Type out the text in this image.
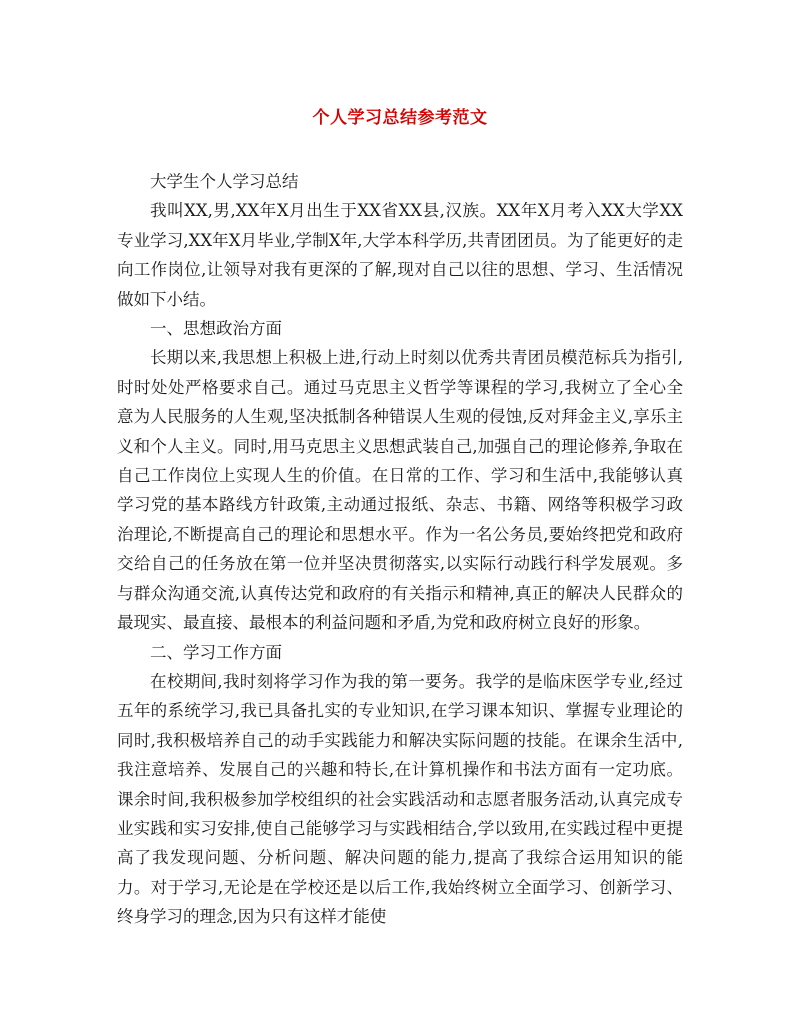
个人学习总结参考范文

大学生个人学习总结

我叫XX,男,XX年X月出生于XX省XX县,汉族。XX年X月考入XX大学XX专业学习,XX年X月毕业,学制X年,大学本科学历,共青团团员。为了能更好的走向工作岗位,让领导对我有更深的了解,现对自己以往的思想、学习、生活情况做如下小结。

一、思想政治方面

长期以来,我思想上积极上进,行动上时刻以优秀共青团员模范标兵为指引,时时处处严格要求自己。通过马克思主义哲学等课程的学习,我树立了全心全意为人民服务的人生观,坚决抵制各种错误人生观的侵蚀,反对拜金主义,享乐主义和个人主义。同时,用马克思主义思想武装自己,加强自己的理论修养,争取在自己工作岗位上实现人生的价值。在日常的工作、学习和生活中,我能够认真学习党的基本路线方针政策,主动通过报纸、杂志、书籍、网络等积极学习政治理论,不断提高自己的理论和思想水平。作为一名公务员,要始终把党和政府交给自己的任务放在第一位并坚决贯彻落实,以实际行动践行科学发展观。多与群众沟通交流,认真传达党和政府的有关指示和精神,真正的解决人民群众的最现实、最直接、最根本的利益问题和矛盾,为党和政府树立良好的形象。

二、学习工作方面

在校期间,我时刻将学习作为我的第一要务。我学的是临床医学专业,经过五年的系统学习,我已具备扎实的专业知识,在学习课本知识、掌握专业理论的同时,我积极培养自己的动手实践能力和解决实际问题的技能。在课余生活中,我注意培养、发展自己的兴趣和特长,在计算机操作和书法方面有一定功底。课余时间,我积极参加学校组织的社会实践活动和志愿者服务活动,认真完成专业实践和实习安排,使自己能够学习与实践相结合,学以致用,在实践过程中更提高了我发现问题、分析问题、解决问题的能力,提高了我综合运用知识的能力。对于学习,无论是在学校还是以后工作,我始终树立全面学习、创新学习、终身学习的理念,因为只有这样才能使
